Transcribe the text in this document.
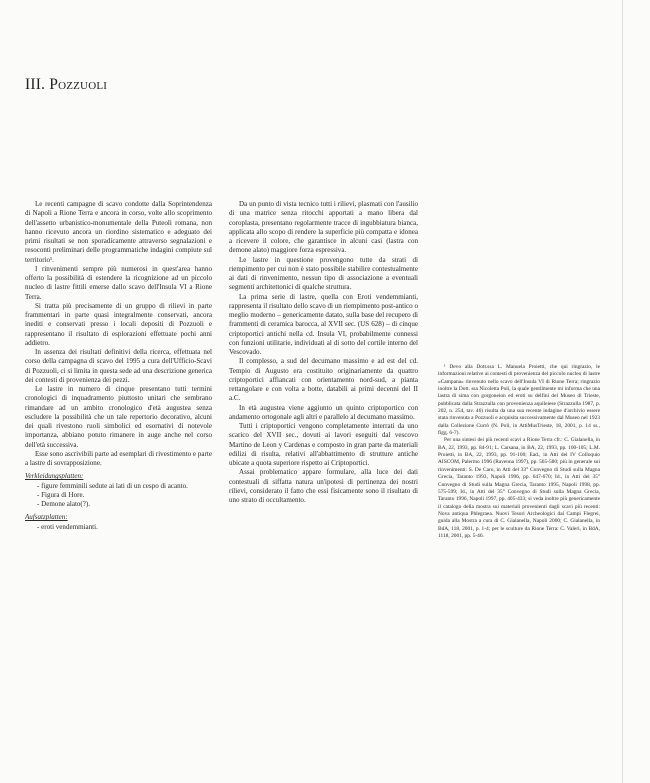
III. Pozzuoli

Le recenti campagne di scavo condotte dalla Soprintendenza di Napoli a Rione Terra e ancora in corso, volte allo scoprimento dell'assetto urbanistico-monumentale della Puteoli romana, non hanno ricevuto ancora un riordino sistematico e adeguato dei primi risultati se non sporadicamente attraverso segnalazioni e resoconti preliminari delle programmatiche indagini compiute sul territorio¹.

I rinvenimenti sempre più numerosi in quest'area hanno offerto la possibilità di estendere la ricognizione ad un piccolo nucleo di lastre fittili emerse dallo scavo dell'Insula VI a Rione Terra.

Si tratta più precisamente di un gruppo di rilievi in parte frammentari in parte quasi integralmente conservati, ancora inediti e conservati presso i locali depositi di Pozzuoli e rappresentano il risultato di esplorazioni effettuate pochi anni addietro.

In assenza dei risultati definitivi della ricerca, effettuata nel corso della campagna di scavo del 1995 a cura dell'Ufficio-Scavi di Pozzuoli, ci si limita in questa sede ad una descrizione generica dei contesti di provenienza dei pezzi.

Le lastre in numero di cinque presentano tutti termini cronologici di inquadramento piuttosto unitari che sembrano rimandare ad un ambito cronologico d'età augustea senza escludere la possibilità che un tale repertorio decorativo, alcuni dei quali rivestono ruoli simbolici ed esornativi di notevole importanza, abbiano potuto rimanere in auge anche nel corso dell'età successiva.

Esse sono ascrivibili parte ad esemplari di rivestimento e parte a lastre di sovrapposizione.

Verkleidungsplatten:
- figure femminili sedute ai lati di un cespo di acanto.
- Figura di Hore.
- Demone alato(?).
Aufsatzplatten:
- eroti vendemmianti.

Da un punto di vista tecnico tutti i rilievi, plasmati con l'ausilio di una matrice senza ritocchi apportati a mano libera dal coroplasta, presentano regolarmente tracce di ingubbiatura bianca, applicata allo scopo di rendere la superficie più compatta e idonea a ricevere il colore, che garantisce in alcuni casi (lastra con demone alato) maggiore forza espressiva.

Le lastre in questione provengono tutte da strati di riempimento per cui non è stato possibile stabilire contestualmente ai dati di rinvenimento, nessun tipo di associazione a eventuali segmenti architettonici di qualche struttura.

La prima serie di lastre, quella con Eroti vendemmianti, rappresenta il risultato dello scavo di un riempimento post-antico o meglio moderno – genericamente datato, sulla base del recupero di frammenti di ceramica barocca, al XVII sec. (US 628) – di cinque criptoportici antichi nella cd. Insula VI, probabilmente connessi con funzioni utilitarie, individuati al di sotto del cortile interno del Vescovado.

Il complesso, a sud del decumano massimo e ad est del cd. Tempio di Augusto era costituito originariamente da quattro criptoportici affiancati con orientamento nord-sud, a pianta rettangolare e con volta a botte, databili ai primi decenni del II a.C.

In età augustea viene aggiunto un quinto criptoportico con andamento ortogonale agli altri e parallelo al decumano massimo.

Tutti i criptoportici vengono completamente interrati da uno scarico del XVII sec., dovuti ai lavori eseguiti dal vescovo Martino de Leon y Cardenas e composto in gran parte da materiali edilizi di risulta, relativi all'abbattimento di strutture antiche ubicate a quota superiore rispetto ai Criptoportici.

Assai problematico appare formulare, alla luce dei dati contestuali di siffatta natura un'ipotesi di pertinenza dei nostri rilievi, considerato il fatto che essi fisicamente sono il risultato di uno strato di occultamento.

¹ Devo alla Dott.ssa L. Manuela Proietti, che qui ringrazio, le informazioni relative ai contesti di provenienza del piccolo nucleo di lastre «Campana» rinvenuto nello scavo dell'Insula VI di Rione Terra; ringrazio inoltre la Dott. ssa Nicoletta Poli, la quale gentilmente mi informa che una lastra di sima con gorgoneion ed eroti su delfini del Museo di Trieste, pubblicata dalla Strazzulla con provenienza aquileiese (Strazzulla 1987, p. 202, n. 254, tav. 46) risulta da una sua recente indagine d'archivio essere stata rinvenuta a Pozzuoli e acquisita successivamente dal Museo nel 1923 dalla Collezione Currò (N. Poli, in AttiMusTrieste, 18, 2001, p. 14 ss., figg. 6-7).

Per una sintesi dei più recenti scavi a Rione Terra cfr.: C. Gialanella, in BA, 22, 1993, pp. 84-91; L. Carsana, in BA, 22, 1993, pp. 100-105; L.M. Proietti, in BA, 22, 1993, pp. 91-100; Ead., in Atti del IV Colloquio AISCOM, Palermo 1996 (Ravenna 1997), pp. 565-580; più in generale sui rinvenimenti: S. De Caro, in Atti del 33° Convegno di Studi sulla Magna Grecia, Taranto 1993, Napoli 1996, pp. 647-670; Id., in Atti del 35° Convegno di Studi sulla Magna Grecia, Taranto 1995, Napoli 1998, pp. 575-599; Id., in Atti del 35° Convegno di Studi sulla Magna Grecia, Taranto 1996, Napoli 1997, pp. 405-433; si veda inoltre più genericamente il catalogo della mostra sui materiali provenienti dagli scavi più recenti: Nova antiqua Phlegraea. Nuovi Tesori Archeologici dai Campi Flegrei, guida alla Mostra a cura di C. Gialanella, Napoli 2000; C. Gialanella, in BdA, 118, 2001, p. 1-4; per le sculture da Rione Terra: C. Valeri, in BdA, 1118, 2001, pp. 5-46.
